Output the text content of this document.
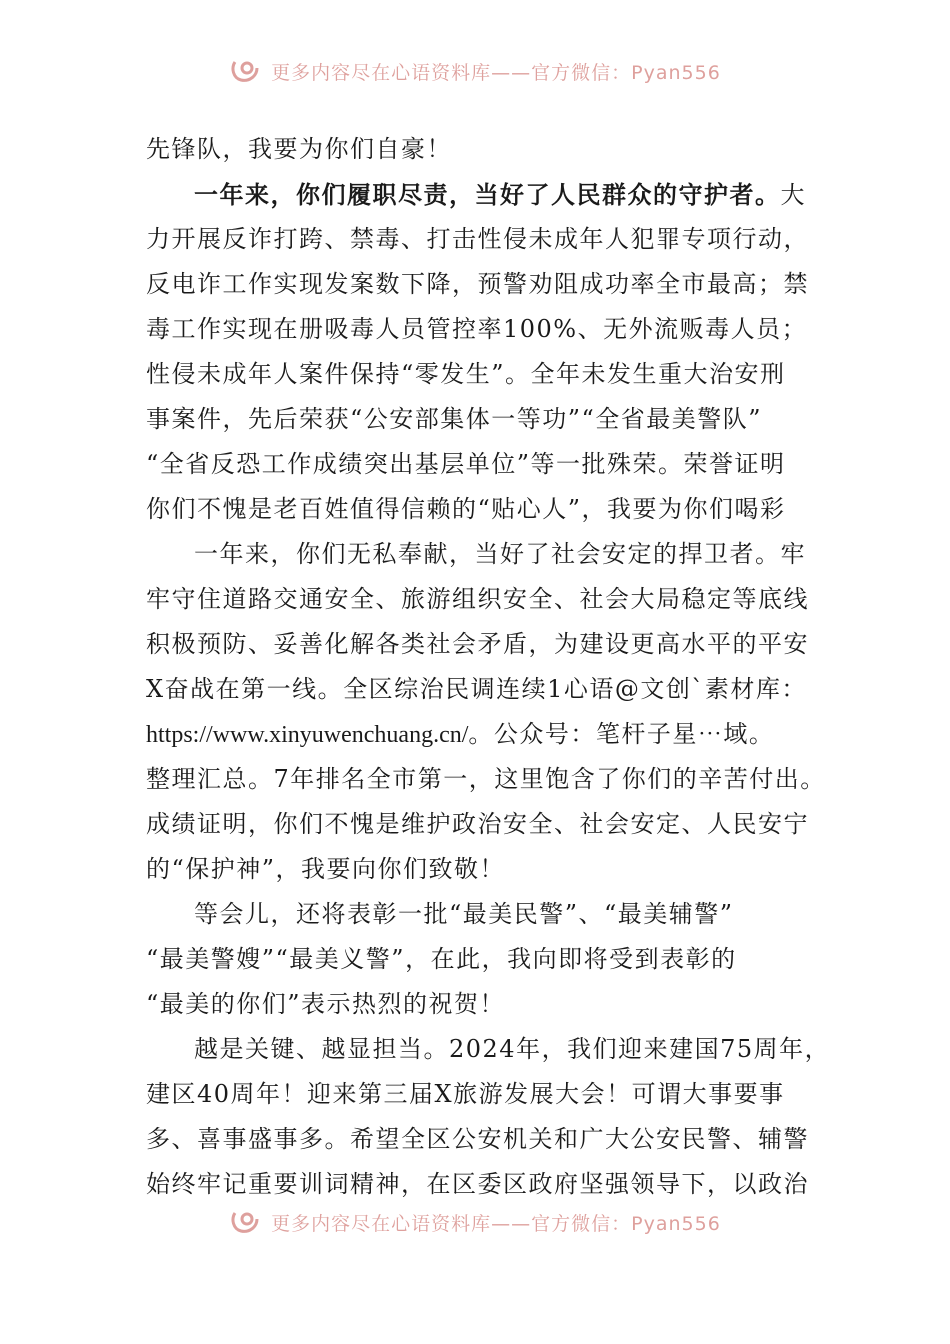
更多内容尽在心语资料库——官方微信：Pyan556
先锋队，我要为你们自豪！
一年来，你们履职尽责，当好了人民群众的守护者。大
力开展反诈打跨、禁毒、打击性侵未成年人犯罪专项行动，
反电诈工作实现发案数下降，预警劝阻成功率全市最高；禁
毒工作实现在册吸毒人员管控率100%、无外流贩毒人员；
性侵未成年人案件保持“零发生”。全年未发生重大治安刑
事案件，先后荣获“公安部集体一等功”“全省最美警队”
“全省反恐工作成绩突出基层单位”等一批殊荣。荣誉证明
你们不愧是老百姓值得信赖的“贴心人”，我要为你们喝彩
一年来，你们无私奉献，当好了社会安定的捍卫者。牢
牢守住道路交通安全、旅游组织安全、社会大局稳定等底线
积极预防、妥善化解各类社会矛盾，为建设更高水平的平安
X奋战在第一线。全区综治民调连续1心语@文创`素材库：
https://www.xinyuwenchuang.cn/。公众号：笔杆子星⋯域。
整理汇总。7年排名全市第一，这里饱含了你们的辛苦付出。
成绩证明，你们不愧是维护政治安全、社会安定、人民安宁
的“保护神”，我要向你们致敬！
等会儿，还将表彰一批“最美民警”、“最美辅警”
“最美警嫂”“最美义警”，在此，我向即将受到表彰的
“最美的你们”表示热烈的祝贺！
越是关键、越显担当。2024年，我们迎来建国75周年，
建区40周年！迎来第三届X旅游发展大会！可谓大事要事
多、喜事盛事多。希望全区公安机关和广大公安民警、辅警
始终牢记重要训词精神，在区委区政府坚强领导下，以政治
更多内容尽在心语资料库——官方微信：Pyan556
